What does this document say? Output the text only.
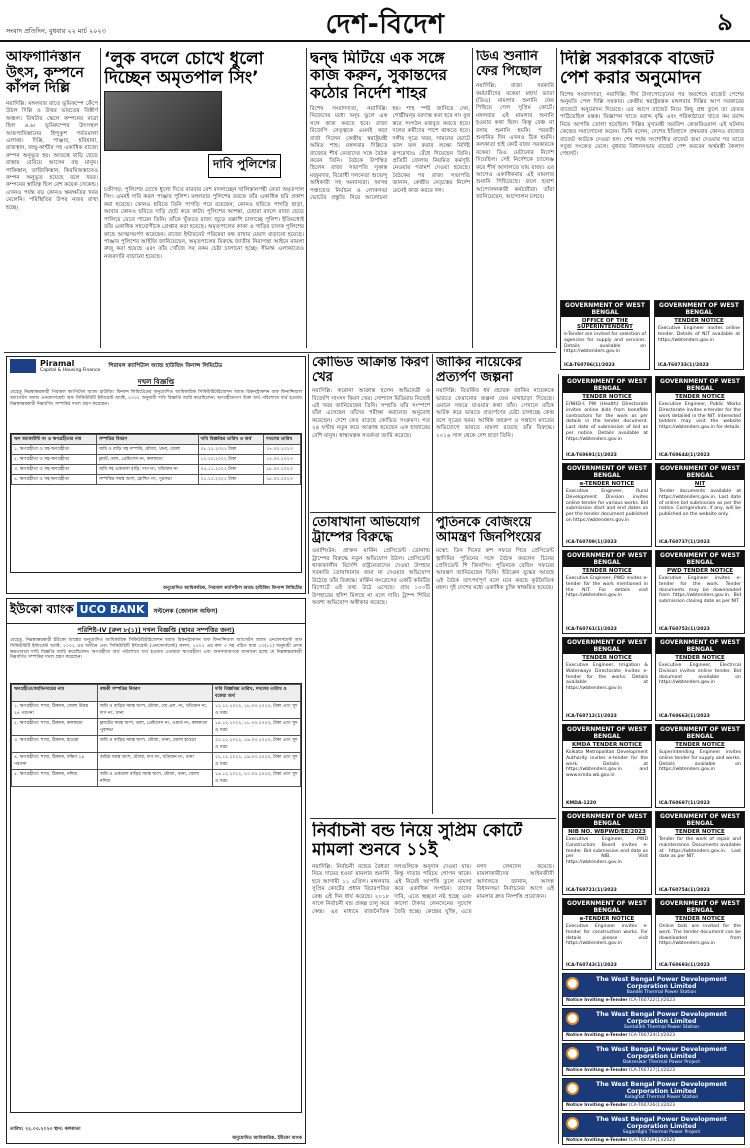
সংবাদ প্রতিদিন, বুধবার ২২ মার্চ ২০২৩	দেশ-বিদেশ	৯
আফগানিস্তান উৎস, কম্পনে কাঁপল দিল্লি
নয়াদিল্লি: মঙ্গলবার রাতে ভূমিকম্পে কেঁপে উঠল দিল্লি ও উত্তর ভারতের বিস্তীর্ণ অঞ্চল। রিখটার স্কেলে কম্পনের মাত্রা ছিল ৬.৬। ভূমিকম্পের উৎসস্থল আফগানিস্তানের হিন্দুকুশ পর্বতমালা এলাকা। দিল্লি, পাঞ্জাব, হরিয়ানা, রাজস্থান, জম্মু-কাশ্মীর সহ একাধিক রাজ্যে কম্পন অনুভূত হয়। আতঙ্কে বাড়ি ছেড়ে রাস্তায় বেরিয়ে আসেন বহু মানুষ। পাকিস্তান, তাজিকিস্তান, কিরঘিজস্তানেও কম্পন অনুভূত হয়েছে বলে খবর। কম্পনের স্থায়িত্ব ছিল বেশ কয়েক সেকেন্ড। এখনও পর্যন্ত বড় কোনও ক্ষয়ক্ষতির খবর মেলেনি। পরিস্থিতির উপর নজর রাখা হচ্ছে।
‘লুক বদলে চোখে ধুলো দিচ্ছেন অমৃতপাল সিং’
দাবি পুলিশের
চণ্ডীগড়: পুলিশের চোখে ধুলো দিতে বারবার বেশ বদলাচ্ছেন খালিস্তানপন্থী নেতা অমৃতপাল সিং। এমনই দাবি করল পাঞ্জাব পুলিশ। মঙ্গলবার পুলিশের তরফে তাঁর একাধিক ছবি প্রকাশ করা হয়েছে। কোনও ছবিতে তিনি পাগড়ি পরে রয়েছেন, কোনও ছবিতে পাগড়ি ছাড়া, আবার কোনও ছবিতে দাড়ি ছোট করে কাটা। পুলিশের আশঙ্কা, চেহারা বদলে রাজ্য ছেড়ে পালিয়ে যেতে পারেন তিনি। তাঁকে খুঁজতে রাজ্য জুড়ে তল্লাশি চালাচ্ছে পুলিশ। ইতিমধ্যেই তাঁর একাধিক সহযোগীকে গ্রেপ্তার করা হয়েছে। অমৃতপালের কাকা ও গাড়ির চালক পুলিশের কাছে আত্মসমর্পণ করেছেন। রাজ্যে ইন্টারনেট পরিষেবা বন্ধ রাখার মেয়াদ বাড়ানো হয়েছে। পাঞ্জাব পুলিশের আইজি জানিয়েছেন, অমৃতপালের বিরুদ্ধে জাতীয় নিরাপত্তা আইনে মামলা রুজু করা হয়েছে এবং তাঁর খোঁজে সব রকম চেষ্টা চালানো হচ্ছে। সীমান্ত এলাকাতেও নজরদারি বাড়ানো হয়েছে।
দ্বন্দ্ব মিটিয়ে এক সঙ্গে কাজ করুন, সুকান্তদের কঠোর নির্দেশ শাহর
বিশেষ সংবাদদাতা, নয়াদিল্লি: নিজেদের মধ্যে দ্বন্দ্ব ভুলে এক সঙ্গে কাজ করতে হবে। রাজ্য বিজেপি নেতৃত্বকে এমনই কড়া বার্তা দিলেন কেন্দ্রীয় স্বরাষ্ট্রমন্ত্রী অমিত শাহ। মঙ্গলবার দিল্লিতে রাজ্যের শীর্ষ নেতাদের সঙ্গে বৈঠক করেন তিনি। বৈঠকে উপস্থিত ছিলেন রাজ্য সভাপতি সুকান্ত মজুমদার, বিরোধী দলনেতা শুভেন্দু অধিকারী সহ অন্যান্যরা। আসন্ন পঞ্চায়েত নির্বাচন ও লোকসভা ভোটের প্রস্তুতি নিয়ে আলোচনা হয়। শাহ স্পষ্ট জানিয়ে দেন, গোষ্ঠীদ্বন্দ্ব বরদাস্ত করা হবে না। বুথ স্তরে সংগঠন মজবুত করতে হবে। দলের কর্মীদের পাশে থাকতে হবে। দলীয় সূত্রে খবর, সামনের ভোটে ভাল ফল করার লক্ষ্যে নির্দিষ্ট রূপরেখাও বেঁধে দিয়েছেন তিনি। প্রতিটি জেলায় নিয়মিত কর্মসূচি নেওয়ার পরামর্শ দেওয়া হয়েছে। বৈঠকের পর রাজ্য সভাপতি জানান, কেন্দ্রীয় নেতৃত্বের নির্দেশ মেনেই কাজ করবে দল।
ডিএ শুনানি ফের পিছোল
নয়াদিল্লি: রাজ্য সরকারি কর্মচারীদের বকেয়া মহার্ঘ ভাতা (ডিএ) মামলার শুনানি ফের পিছিয়ে গেল সুপ্রিম কোর্টে। মঙ্গলবার এই মামলার শুনানি হওয়ার কথা ছিল। কিন্তু বেঞ্চ না বসায় শুনানি হয়নি। পরবর্তী শুনানির দিন এখনও ঠিক হয়নি। কলকাতা হাই কোর্ট রাজ্য সরকারকে বকেয়া ডিএ মেটানোর নির্দেশ দিয়েছিল। সেই নির্দেশকে চ্যালেঞ্জ করে শীর্ষ আদালতে যায় রাজ্য। এর আগেও একাধিকবার এই মামলার শুনানি পিছিয়েছে। ফলে হতাশ আন্দোলনকারী কর্মচারীরা। তাঁরা জানিয়েছেন, আন্দোলন চলবে।
দিল্লি সরকারকে বাজেট পেশ করার অনুমোদন
বিশেষ সংবাদদাতা, নয়াদিল্লি: দীর্ঘ টানাপোড়েনের পর অবশেষে বাজেট পেশের অনুমতি পেল দিল্লি সরকার। কেন্দ্রীয় স্বরাষ্ট্রমন্ত্রক মঙ্গলবার দিল্লির আপ সরকারের বাজেটে অনুমোদন দিয়েছে। এর আগে বাজেট নিয়ে কিছু প্রশ্ন তুলে তা ফেরত পাঠিয়েছিল মন্ত্রক। বিজ্ঞাপন খাতে বরাদ্দ বৃদ্ধি এবং পরিকাঠামো খাতে কম বরাদ্দ নিয়ে আপত্তি তোলা হয়েছিল। দিল্লির মুখ্যমন্ত্রী অরবিন্দ কেজরিওয়াল এই ঘটনায় কেন্দ্রের সমালোচনা করেন। তিনি বলেন, দেশের ইতিহাসে প্রথমবার কোনও রাজ্যের বাজেট আটকে দেওয়া হল। শেষ পর্যন্ত সংশোধিত বাজেট জমা দেওয়ার পর তাতে সবুজ সংকেত মেলে। বুধবার বিধানসভায় বাজেট পেশ করবেন অর্থমন্ত্রী কৈলাস গেহলট।
GOVERNMENT OF WEST BENGAL
OFFICE OF THE SUPERINTENDENT
e-Tender are invited for selection of agencies for supply and services. Details available on https://wbtenders.gov.in
ICA-T60706(1)/2023
GOVERNMENT OF WEST BENGAL
TENDER NOTICE
Executive Engineer invites online tender. Details of NIT available at https://wbtenders.gov.in
ICA-T60733(1)/2023
Piramal
Capital & Housing Finance
পিরামল ক্যাপিটাল অ্যান্ড হাউজিং ফিনান্স লিমিটেড
দখল বিজ্ঞপ্তি
যেহেতু নিম্নস্বাক্ষরকারী পিরামল ক্যাপিটাল অ্যান্ড হাউজিং ফিনান্স লিমিটেডের অনুমোদিত আধিকারিক সিকিউরিটাইজেশন অ্যান্ড রিকনস্ট্রাকশন অফ ফিনান্সিয়াল অ্যাসেটস অ্যান্ড এনফোর্সমেন্ট অফ সিকিউরিটি ইন্টারেস্ট অ্যাক্ট, ২০০২ অনুযায়ী দাবি বিজ্ঞপ্তি জারি করেছিলেন। ঋণগ্রহীতাগণ উক্ত অর্থ পরিশোধে ব্যর্থ হওয়ায় নিম্নস্বাক্ষরকারী নিম্নবর্ণিত সম্পত্তির দখল গ্রহণ করেছেন।
ঋণ অ্যাকাউন্ট নং ও ঋণগ্রহীতার নাম	সম্পত্তির বিবরণ	দাবি বিজ্ঞপ্তির তারিখ ও অর্থ	দখলের তারিখ
১. ঋণগ্রহীতা ও সহ-ঋণগ্রহীতা	জমি ও বাড়ি সহ সম্পত্তি, মৌজা, থানা, জেলা	০৮.১২.২০২২ টাকা	১৭.০৩.২০২৩
২. ঋণগ্রহীতা ও সহ-ঋণগ্রহীতা	ফ্ল্যাট, তলা, প্রেমিসেস নং, কলকাতা	১২.১০.২০২২ টাকা	১৭.০৩.২০২৩
৩. ঋণগ্রহীতা ও সহ-ঋণগ্রহীতা	জমি সহ একতলা বাড়ি, দাগ নং, খতিয়ান নং	০৫.১১.২০২২ টাকা	১৮.০৩.২০২৩
৪. ঋণগ্রহীতা ও সহ-ঋণগ্রহীতা	সম্পত্তির সমস্ত অংশ, হোল্ডিং নং, পুরসভা	২১.১০.২০২২ টাকা	১৮.০৩.২০২৩
অনুমোদিত আধিকারিক, পিরামল ক্যাপিটাল অ্যান্ড হাউজিং ফিনান্স লিমিটেড
কোভিড আক্রান্ত কিরণ খের
নয়াদিল্লি: করোনা আক্রান্ত হলেন অভিনেত্রী ও বিজেপি সাংসদ কিরণ খের। সোশ্যাল মিডিয়ায় নিজেই এই খবর জানিয়েছেন তিনি। সম্প্রতি তাঁর সংস্পর্শে যাঁরা এসেছেন তাঁদের পরীক্ষা করানোর অনুরোধ করেছেন। দেশে ফের বাড়ছে কোভিড সংক্রমণ। গত ২৪ ঘণ্টায় নতুন করে আক্রান্ত হয়েছেন এক হাজারের বেশি মানুষ। স্বাস্থ্যমন্ত্রক সতর্কতা জারি করেছে।
জাকির নায়েকের প্রত্যর্পণ জল্পনা
নয়াদিল্লি: বিতর্কিত ধর্ম প্রচারক জাকির নায়েককে ভারতে ফেরানোর জল্পনা ফের মাথাচাড়া দিয়েছে। ওমানে সফরে যাওয়ার কথা তাঁর। সেখানে তাঁকে আটক করে ভারতে প্রত্যর্পণের চেষ্টা চালাচ্ছে কেন্দ্র বলে সূত্রের খবর। আর্থিক তছরুপ ও সন্ত্রাসে মদতের অভিযোগে ভারতে মামলা রয়েছে তাঁর বিরুদ্ধে। ২০১৬ সাল থেকে দেশ ছাড়া তিনি।
তোষাখানা অভিযোগ ট্রাম্পের বিরুদ্ধে
ওয়াশিংটন: প্রাক্তন মার্কিন প্রেসিডেন্ট ডোনাল্ড ট্রাম্পের বিরুদ্ধে নতুন অভিযোগ উঠল। প্রেসিডেন্ট থাকাকালীন বিদেশি রাষ্ট্রনেতাদের দেওয়া উপহার সরকারি তোষাখানায় জমা না দেওয়ার অভিযোগ উঠেছে তাঁর বিরুদ্ধে। মার্কিন কংগ্রেসের একটি কমিটির রিপোর্টে এই তথ্য উঠে এসেছে। প্রায় ১০০টি উপহারের হদিশ মিলছে না বলে দাবি। ট্রাম্প শিবির অবশ্য অভিযোগ অস্বীকার করেছে।
পুতিনকে বেজিংয়ে আমন্ত্রণ জিনপিংয়ের
মস্কো: তিন দিনের রুশ সফরে গিয়ে প্রেসিডেন্ট ভ্লাদিমির পুতিনের সঙ্গে বৈঠক করলেন চিনের প্রেসিডেন্ট শি জিনপিং। পুতিনকে বেজিং সফরের আমন্ত্রণ জানিয়েছেন তিনি। ইউক্রেন যুদ্ধের আবহে এই বৈঠক তাৎপর্যপূর্ণ বলে মনে করছে কূটনৈতিক মহল। দুই দেশের মধ্যে একাধিক চুক্তি স্বাক্ষরিত হয়েছে।
ইউকো ব্যাংক UCO BANK	সল্টলেক (জোনাল অফিস)
পরিশিষ্ট-IV [রুল ৮(১)] দখল বিজ্ঞপ্তি (স্থাবর সম্পত্তির জন্য)
যেহেতু, নিম্নস্বাক্ষরকারী ইউকো ব্যাঙ্কের অনুমোদিত আধিকারিক সিকিউরিটাইজেশন অ্যান্ড রিকনস্ট্রাকশন অফ ফিনান্সিয়াল অ্যাসেটস অ্যান্ড এনফোর্সমেন্ট অফ সিকিউরিটি ইন্টারেস্ট অ্যাক্ট, ২০০২ এর অধীনে এবং সিকিউরিটি ইন্টারেস্ট (এনফোর্সমেন্ট) রুলস, ২০০২ এর রুল ৩ সহ পঠিত ধারা ১৩(১২) অনুযায়ী প্রদত্ত ক্ষমতাবলে দাবি বিজ্ঞপ্তি জারি করেছিলেন। ঋণগ্রহীতা অর্থ পরিশোধে ব্যর্থ হওয়ায় এতদ্বারা ঋণগ্রহীতা এবং জনসাধারণকে জানানো হচ্ছে যে নিম্নস্বাক্ষরকারী নিম্নবর্ণিত সম্পত্তির দখল গ্রহণ করেছেন।
ঋণগ্রহীতা/জামিনদারের নাম	বন্ধকী সম্পত্তির বিবরণ	দাবি বিজ্ঞপ্তির তারিখ, দখলের তারিখ ও বকেয়া অর্থ
১. ঋণগ্রহীতা: শাখা, ঠিকানা, জেলা উত্তর ২৪ পরগনা	জমি ও বাড়ির সমস্ত অংশ, মৌজা, জে.এল. নং, খতিয়ান নং, দাগ নং, থানা	১২.১২.২০২২, ১৮.০৩.২০২৩, টাকা এবং সুদ ও খরচ
২. ঋণগ্রহীতা: শাখা, ঠিকানা, কলকাতা	ফ্ল্যাটের সমস্ত অংশ, তলা, প্রেমিসেস নং, ওয়ার্ড নং, কলকাতা পুরসভা	১৫.১২.২০২২, ১৮.০৩.২০২৩, টাকা এবং সুদ ও খরচ
৩. ঋণগ্রহীতা: শাখা, ঠিকানা, হাওড়া	জমি ও বাড়ির সমস্ত অংশ, মৌজা, থানা, জেলা হাওড়া	২০.১২.২০২২, ১৯.০৩.২০২৩, টাকা এবং সুদ ও খরচ
৪. ঋণগ্রহীতা: শাখা, ঠিকানা, দক্ষিণ ২৪ পরগনা	জমির সমস্ত অংশ, মৌজা, দাগ নং, খতিয়ান নং, থানা	২২.১২.২০২২, ১৯.০৩.২০২৩, টাকা এবং সুদ ও খরচ
৫. ঋণগ্রহীতা: শাখা, ঠিকানা, নদিয়া	জমি ও একতলা বাড়ির সমস্ত অংশ, মৌজা, থানা, জেলা নদিয়া	২৬.১২.২০২২, ২০.০৩.২০২৩, টাকা এবং সুদ ও খরচ
তারিখ: ২২.০৩.২০২৩ স্থান: কলকাতা
অনুমোদিত আধিকারিক, ইউকো ব্যাংক
নির্বাচনী বন্ড নিয়ে সুপ্রিম কোর্টে মামলা শুনবে ১১ই
নয়াদিল্লি: নির্বাচনী বন্ডের বৈধতা নিয়ে দায়ের হওয়া মামলার শুনানি হবে আগামী ১১ এপ্রিল। মঙ্গলবার সুপ্রিম কোর্টের প্রধান বিচারপতির বেঞ্চ এই দিন ধার্য করেছে। ২০১৮ সালে নির্বাচনী বন্ড প্রকল্প চালু করে কেন্দ্র। এর মাধ্যমে রাজনৈতিক দলগুলিকে অনুদান দেওয়া যায়। কিন্তু দাতার পরিচয় গোপন থাকে। এই নিয়েই আপত্তি তুলে মামলা করে একাধিক সংগঠন। তাদের দাবি, এতে স্বচ্ছতা নষ্ট হচ্ছে এবং কালো টাকার লেনদেনের সুযোগ তৈরি হচ্ছে। কেন্দ্রের যুক্তি, এতে নগদ লেনদেন কমেছে। মামলাকারীদের আইনজীবী আদালতে জানান, আসন্ন বিধানসভা নির্বাচনের আগে এই মামলার দ্রুত নিষ্পত্তি প্রয়োজন।
GOVERNMENT OF WEST BENGAL
TENDER NOTICE
E/NHD-I, PW (Health) Directorate invites online bids from bonafide contractors for the work as per details in the tender document. Last date of submission of bid as per notice. Details available at https://wbtenders.gov.in
ICA-T60691(1)/2023
GOVERNMENT OF WEST BENGAL
TENDER NOTICE
Executive Engineer, Public Works Directorate invites e-tender for the work detailed in the NIT. Interested bidders may visit the website https://wbtenders.gov.in for details.
ICA-T60644(1)/2023
GOVERNMENT OF WEST BENGAL
e-TENDER NOTICE
Executive Engineer, Rural Development Division invites online tender for various works. Bid submission start and end dates as per the tender document published on https://wbtenders.gov.in
ICA-T60709(1)/2023
GOVERNMENT OF WEST BENGAL
NIT
Tender documents available at https://wbtenders.gov.in. Last date of online bid submission as per the notice. Corrigendum, if any, will be published on the website only.
ICA-T60737(1)/2023
GOVERNMENT OF WEST BENGAL
TENDER NOTICE
Executive Engineer, PWD invites e-tender for the work mentioned in the NIT. For details visit https://wbtenders.gov.in
ICA-T60761(1)/2023
GOVERNMENT OF WEST BENGAL
PWD TENDER NOTICE
Executive Engineer invites e-tender for the work. Tender documents may be downloaded from https://wbtenders.gov.in. Bid submission closing date as per NIT.
ICA-T60752(1)/2023
GOVERNMENT OF WEST BENGAL
TENDER NOTICE
Executive Engineer, Irrigation & Waterways Directorate invites e-tender for the works. Details available at https://wbtenders.gov.in
ICA-T60712(1)/2023
GOVERNMENT OF WEST BENGAL
TENDER NOTICE
Executive Engineer, Electrical Division invites online tender. Bid document available on https://wbtenders.gov.in
ICA-T60663(1)/2023
GOVERNMENT OF WEST BENGAL
KMDA TENDER NOTICE
Kolkata Metropolitan Development Authority invites e-tender for the work. Details at https://wbtenders.gov.in and www.kmda.wb.gov.in
KMDA-1220
GOVERNMENT OF WEST BENGAL
TENDER NOTICE
Superintending Engineer invites online tender for supply and works. Details available on https://wbtenders.gov.in
ICA-T60697(1)/2023
GOVERNMENT OF WEST BENGAL
NIB NO. WBPWD/EE/2023
Executive Engineer, PWD Construction Board invites e-tender. Bid submission end date as per NIB. Visit https://wbtenders.gov.in
ICA-T60721(1)/2023
GOVERNMENT OF WEST BENGAL
TENDER NOTICE
Tender for the work of repair and maintenance. Documents available at https://wbtenders.gov.in. Last date as per NIT.
ICA-T60754(1)/2023
GOVERNMENT OF WEST BENGAL
e-TENDER NOTICE
Executive Engineer invites e-tender for construction works. For details please visit https://wbtenders.gov.in
ICA-T60743(1)/2023
GOVERNMENT OF WEST BENGAL
TENDER NOTICE
Online bids are invited for the work. The tender document can be downloaded from https://wbtenders.gov.in
ICA-T60693(1)/2023
The West Bengal Power Development Corporation Limited
Bandel Thermal Power Station
Notice Inviting e-Tender ICA-T60722(1)/2023
The West Bengal Power Development Corporation Limited
Santaldih Thermal Power Station
Notice Inviting e-Tender ICA-T60724(1)/2023
The West Bengal Power Development Corporation Limited
Bakreswar Thermal Power Project
Notice Inviting e-Tender ICA-T60727(1)/2023
The West Bengal Power Development Corporation Limited
Kolaghat Thermal Power Station
Notice Inviting e-Tender ICA-T60726(1)/2023
The West Bengal Power Development Corporation Limited
Sagardighi Thermal Power Project
Notice Inviting e-Tender ICA-T60729(1)/2023
